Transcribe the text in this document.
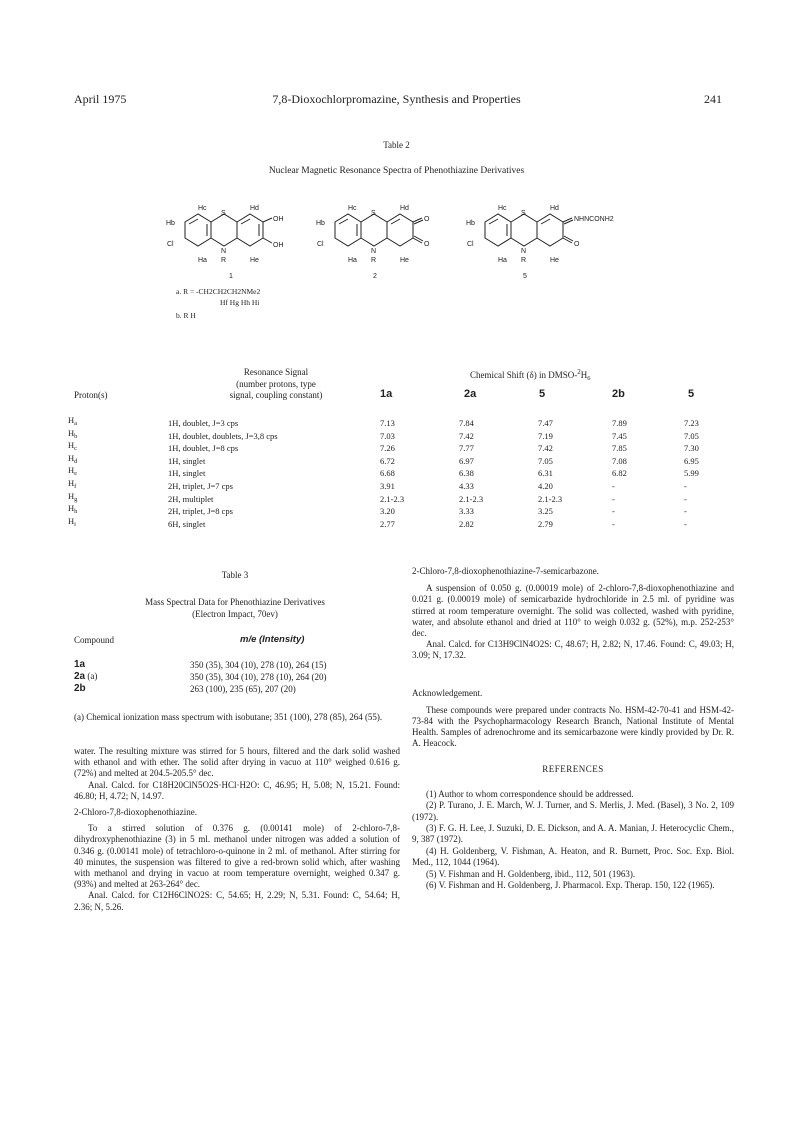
April 1975	7,8-Dioxochlorpromazine, Synthesis and Properties	241
Table 2
Nuclear Magnetic Resonance Spectra of Phenothiazine Derivatives
Hc	Hd
Hb
S
OH
OH
Cl
N
R
Ha	He
1
Hc	Hd
Hb
S
O
O
Cl
N
R
Ha	He
2
Hc	Hd
Hb
S
NHNCONH2
O
Cl
N
R
Ha	He
5
a. R = -CH2CH2CH2NMe2
Hf Hg Hh Hi
b. R H
Resonance Signal
(number protons, type
signal, coupling constant)
Proton(s)
Chemical Shift (δ) in DMSO-$^2H_6$
1a	2a	5	2b	5
$H_a$	1H, doublet, J=3 cps	7.13	7.84	7.47	7.89	7.23
$H_b$	1H, doublet, doublets, J=3,8 cps	7.03	7.42	7.19	7.45	7.05
$H_c$	1H, doublet, J=8 cps	7.26	7.77	7.42	7.85	7.30
$H_d$	1H, singlet	6.72	6.97	7.05	7.08	6.95
$H_e$	1H, singlet	6.68	6.38	6.31	6.82	5.99
$H_f$	2H, triplet, J=7 cps	3.91	4.33	4.20	-	-
$H_g$	2H, multiplet	2.1-2.3	2.1-2.3	2.1-2.3	-	-
$H_h$	2H, triplet, J=8 cps	3.20	3.33	3.25	-	-
$H_i$	6H, singlet	2.77	2.82	2.79	-	-
Table 3
Mass Spectral Data for Phenothiazine Derivatives
(Electron Impact, 70ev)
Compound	m/e (Intensity)
1a	350 (35), 304 (10), 278 (10), 264 (15)
2a (a)	350 (35), 304 (10), 278 (10), 264 (20)
2b	263 (100), 235 (65), 207 (20)
(a) Chemical ionization mass spectrum with isobutane; 351 (100), 278 (85), 264 (55).

water. The resulting mixture was stirred for 5 hours, filtered and the dark solid washed with ethanol and with ether. The solid after drying in vacuo at 110° weighed 0.616 g. (72%) and melted at 204.5-205.5° dec.

Anal. Calcd. for C18H20ClN5O2S·HCl·H2O: C, 46.95; H, 5.08; N, 15.21. Found: 46.80; H, 4.72; N, 14.97.

2-Chloro-7,8-dioxophenothiazine.

To a stirred solution of 0.376 g. (0.00141 mole) of 2-chloro-7,8-dihydroxyphenothiazine (3) in 5 ml. methanol under nitrogen was added a solution of 0.346 g. (0.00141 mole) of tetrachloro-o-quinone in 2 ml. of methanol. After stirring for 40 minutes, the suspension was filtered to give a red-brown solid which, after washing with methanol and drying in vacuo at room temperature overnight, weighed 0.347 g. (93%) and melted at 263-264° dec.

Anal. Calcd. for C12H6ClNO2S: C, 54.65; H, 2.29; N, 5.31. Found: C, 54.64; H, 2.36; N, 5.26.

2-Chloro-7,8-dioxophenothiazine-7-semicarbazone.

A suspension of 0.050 g. (0.00019 mole) of 2-chloro-7,8-dioxophenothiazine and 0.021 g. (0.00019 mole) of semicarbazide hydrochloride in 2.5 ml. of pyridine was stirred at room temperature overnight. The solid was collected, washed with pyridine, water, and absolute ethanol and dried at 110° to weigh 0.032 g. (52%), m.p. 252-253° dec.

Anal. Calcd. for C13H9ClN4O2S: C, 48.67; H, 2.82; N, 17.46. Found: C, 49.03; H, 3.09; N, 17.32.

Acknowledgement.

These compounds were prepared under contracts No. HSM-42-70-41 and HSM-42-73-84 with the Psychopharmacology Research Branch, National Institute of Mental Health. Samples of adrenochrome and its semicarbazone were kindly provided by Dr. R. A. Heacock.

REFERENCES

(1) Author to whom correspondence should be addressed.

(2) P. Turano, J. E. March, W. J. Turner, and S. Merlis, J. Med. (Basel), 3 No. 2, 109 (1972).

(3) F. G. H. Lee, J. Suzuki, D. E. Dickson, and A. A. Manian, J. Heterocyclic Chem., 9, 387 (1972).

(4) H. Goldenberg, V. Fishman, A. Heaton, and R. Burnett, Proc. Soc. Exp. Biol. Med., 112, 1044 (1964).

(5) V. Fishman and H. Goldenberg, ibid., 112, 501 (1963).

(6) V. Fishman and H. Goldenberg, J. Pharmacol. Exp. Therap. 150, 122 (1965).
